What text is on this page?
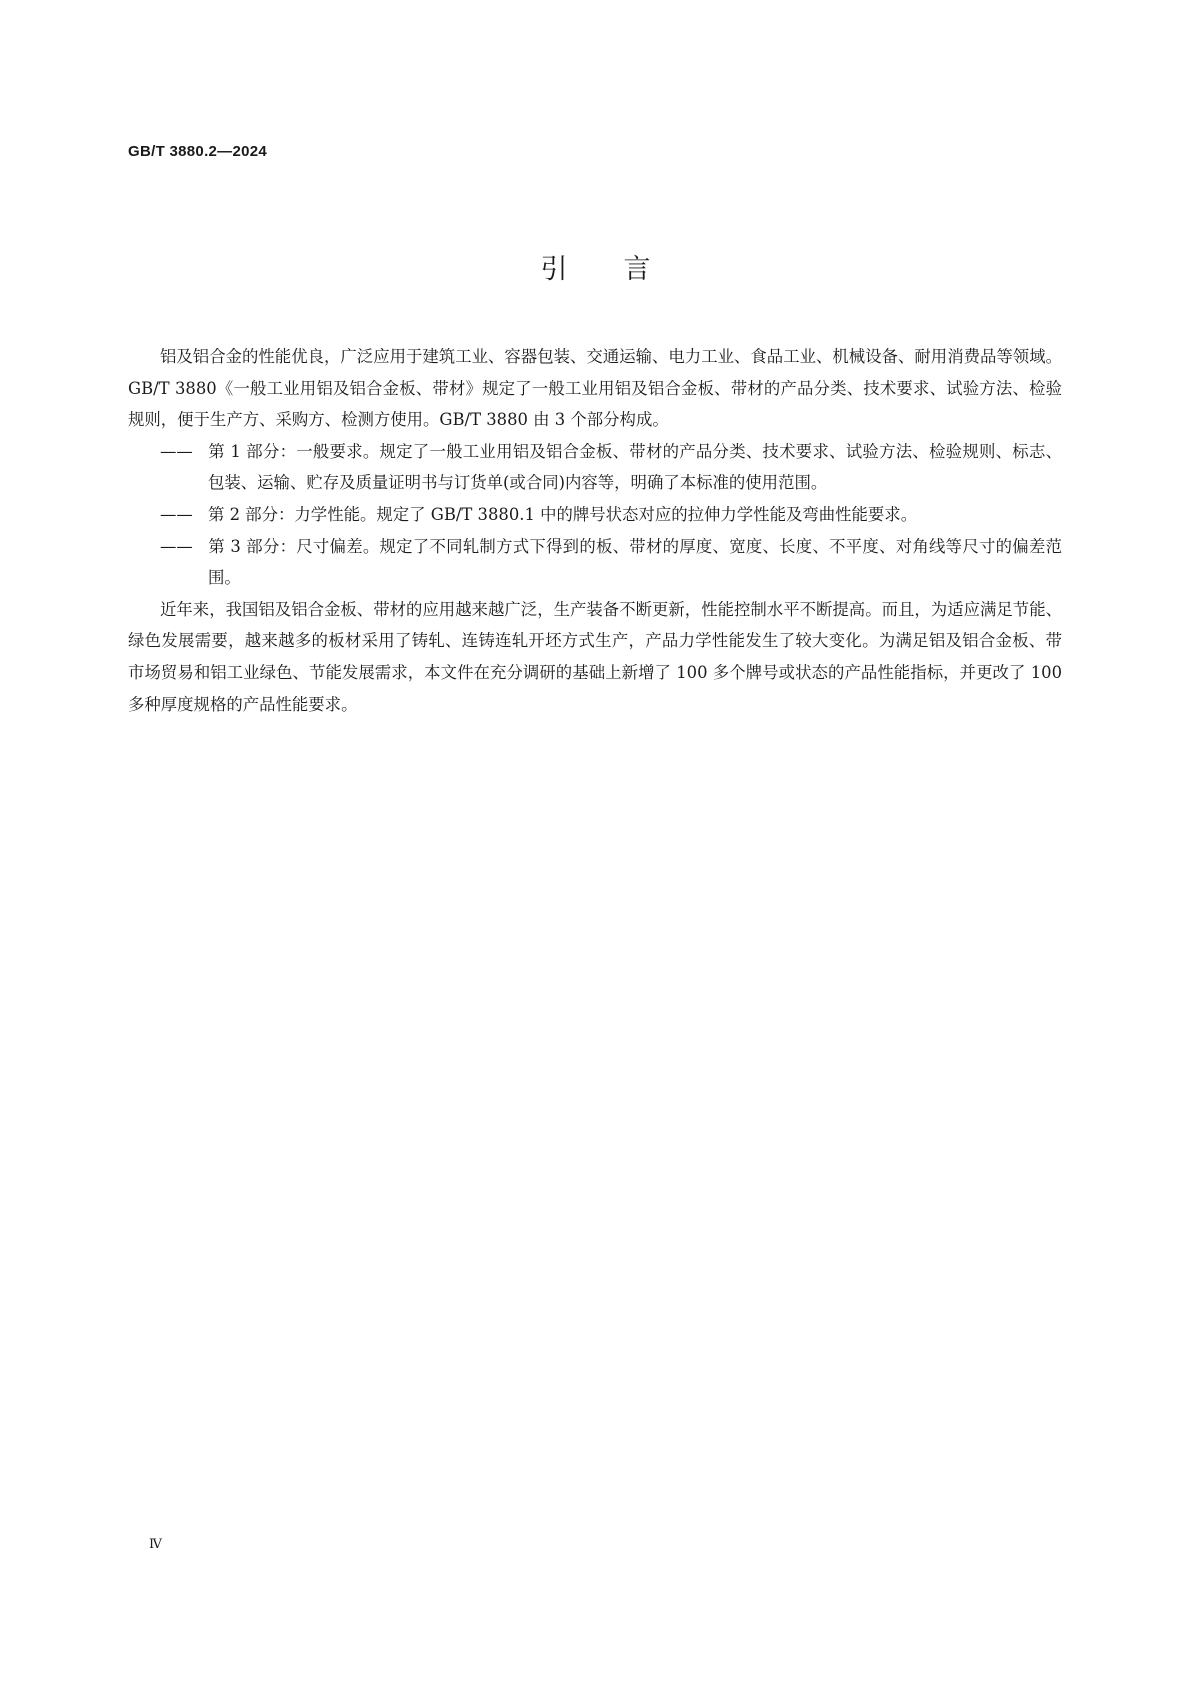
GB/T 3880.2—2024
引言

铝及铝合金的性能优良，广泛应用于建筑工业、容器包装、交通运输、电力工业、食品工业、机械设备、耐用消费品等领域。GB/T 3880《一般工业用铝及铝合金板、带材》规定了一般工业用铝及铝合金板、带材的产品分类、技术要求、试验方法、检验规则，便于生产方、采购方、检测方使用。GB/T 3880 由 3 个部分构成。

—— 第 1 部分：一般要求。规定了一般工业用铝及铝合金板、带材的产品分类、技术要求、试验方法、检验规则、标志、包装、运输、贮存及质量证明书与订货单(或合同)内容等，明确了本标准的使用范围。

—— 第 2 部分：力学性能。规定了 GB/T 3880.1 中的牌号状态对应的拉伸力学性能及弯曲性能要求。

—— 第 3 部分：尺寸偏差。规定了不同轧制方式下得到的板、带材的厚度、宽度、长度、不平度、对角线等尺寸的偏差范围。

近年来，我国铝及铝合金板、带材的应用越来越广泛，生产装备不断更新，性能控制水平不断提高。而且，为适应满足节能、绿色发展需要，越来越多的板材采用了铸轧、连铸连轧开坯方式生产，产品力学性能发生了较大变化。为满足铝及铝合金板、带市场贸易和铝工业绿色、节能发展需求，本文件在充分调研的基础上新增了 100 多个牌号或状态的产品性能指标，并更改了 100 多种厚度规格的产品性能要求。

Ⅳ
